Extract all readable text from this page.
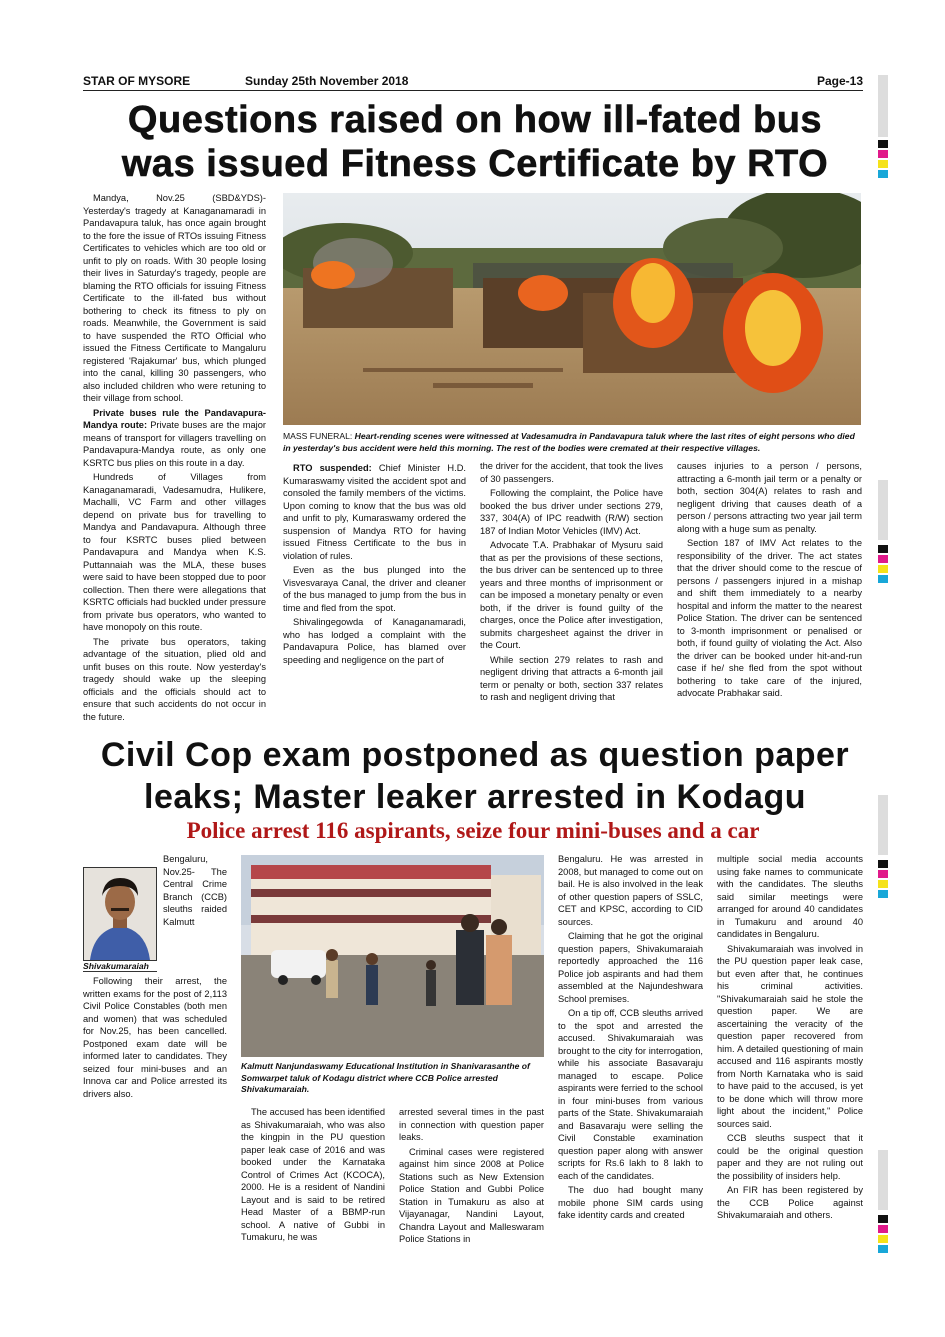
STAR OF MYSORE	Sunday 25th November 2018	Page-13
Questions raised on how ill-fated bus
was issued Fitness Certificate by RTO

Mandya, Nov.25 (SBD&YDS)- Yesterday's tragedy at Kanaganamaradi in Pandavapura taluk, has once again brought to the fore the issue of RTOs issuing Fitness Certificates to vehicles which are too old or unfit to ply on roads. With 30 people losing their lives in Saturday's tragedy, people are blaming the RTO officials for issuing Fitness Certificate to the ill-fated bus without bothering to check its fitness to ply on roads. Meanwhile, the Government is said to have suspended the RTO Official who issued the Fitness Certificate to Mangaluru registered 'Rajakumar' bus, which plunged into the canal, killing 30 passengers, who also included children who were retuning to their village from school.

Private buses rule the Pandavapura-Mandya route: Private buses are the major means of transport for villagers travelling on Pandavapura-Mandya route, as only one KSRTC bus plies on this route in a day.

Hundreds of Villages from Kanaganamaradi, Vadesamudra, Hulikere, Machalli, VC Farm and other villages depend on private bus for travelling to Mandya and Pandavapura. Although three to four KSRTC buses plied between Pandavapura and Mandya when K.S. Puttannaiah was the MLA, these buses were said to have been stopped due to poor collection. Then there were allegations that KSRTC officials had buckled under pressure from private bus operators, who wanted to have monopoly on this route.

The private bus operators, taking advantage of the situation, plied old and unfit buses on this route. Now yesterday's tragedy should wake up the sleeping officials and the officials should act to ensure that such accidents do not occur in the future.

MASS FUNERAL: Heart-rending scenes were witnessed at Vadesamudra in Pandavapura taluk where the last rites of eight persons who died in yesterday's bus accident were held this morning. The rest of the bodies were cremated at their respective villages.

RTO suspended: Chief Minister H.D. Kumaraswamy visited the accident spot and consoled the family members of the victims. Upon coming to know that the bus was old and unfit to ply, Kumaraswamy ordered the suspension of Mandya RTO for having issued Fitness Certificate to the bus in violation of rules.

Even as the bus plunged into the Visvesvaraya Canal, the driver and cleaner of the bus managed to jump from the bus in time and fled from the spot.

Shivalingegowda of Kanaganamaradi, who has lodged a complaint with the Pandavapura Police, has blamed over speeding and negligence on the part of

the driver for the accident, that took the lives of 30 passengers.

Following the complaint, the Police have booked the bus driver under sections 279, 337, 304(A) of IPC readwith (R/W) section 187 of Indian Motor Vehicles (IMV) Act.

Advocate T.A. Prabhakar of Mysuru said that as per the provisions of these sections, the bus driver can be sentenced up to three years and three months of imprisonment or can be imposed a monetary penalty or even both, if the driver is found guilty of the charges, once the Police after investigation, submits chargesheet against the driver in the Court.

While section 279 relates to rash and negligent driving that attracts a 6-month jail term or penalty or both, section 337 relates to rash and negligent driving that

causes injuries to a person / persons, attracting a 6-month jail term or a penalty or both, section 304(A) relates to rash and negligent driving that causes death of a person / persons attracting two year jail term along with a huge sum as penalty.

Section 187 of IMV Act relates to the responsibility of the driver. The act states that the driver should come to the rescue of persons / passengers injured in a mishap and shift them immediately to a nearby hospital and inform the matter to the nearest Police Station. The driver can be sentenced to 3-month imprisonment or penalised or both, if found guilty of violating the Act. Also the driver can be booked under hit-and-run case if he/ she fled from the spot without bothering to take care of the injured, advocate Prabhakar said.

Civil Cop exam postponed as question paper
leaks; Master leaker arrested in Kodagu
Police arrest 116 aspirants, seize four mini-buses and a car
Shivakumaraiah

Bengaluru, Nov.25- The Central Crime Branch (CCB) sleuths raided Kalmutt

Following their arrest, the written exams for the post of 2,113 Civil Police Constables (both men and women) that was scheduled for Nov.25, has been cancelled. Postponed exam date will be informed later to candidates. They seized four mini-buses and an Innova car and Police arrested its drivers also.

Kalmutt Nanjundaswamy Educational Institution in Shanivarasanthe of Somwarpet taluk of Kodagu district where CCB Police arrested Shivakumaraiah.

The accused has been identified as Shivakumaraiah, who was also the kingpin in the PU question paper leak case of 2016 and was booked under the Karnataka Control of Crimes Act (KCOCA), 2000. He is a resident of Nandini Layout and is said to be retired Head Master of a BBMP-run school. A native of Gubbi in Tumakuru, he was

arrested several times in the past in connection with question paper leaks.

Criminal cases were registered against him since 2008 at Police Stations such as New Extension Police Station and Gubbi Police Station in Tumakuru as also at Vijayanagar, Nandini Layout, Chandra Layout and Malleswaram Police Stations in

Bengaluru. He was arrested in 2008, but managed to come out on bail. He is also involved in the leak of other question papers of SSLC, CET and KPSC, according to CID sources.

Claiming that he got the original question papers, Shivakumaraiah reportedly approached the 116 Police job aspirants and had them assembled at the Najundeshwara School premises.

On a tip off, CCB sleuths arrived to the spot and arrested the accused. Shivakumaraiah was brought to the city for interrogation, while his associate Basavaraju managed to escape. Police aspirants were ferried to the school in four mini-buses from various parts of the State. Shivakumaraiah and Basavaraju were selling the Civil Constable examination question paper along with answer scripts for Rs.6 lakh to 8 lakh to each of the candidates.

The duo had bought many mobile phone SIM cards using fake identity cards and created

multiple social media accounts using fake names to communicate with the candidates. The sleuths said similar meetings were arranged for around 40 candidates in Tumakuru and around 40 candidates in Bengaluru.

Shivakumaraiah was involved in the PU question paper leak case, but even after that, he continues his criminal activities. "Shivakumaraiah said he stole the question paper. We are ascertaining the veracity of the question paper recovered from him. A detailed questioning of main accused and 116 aspirants mostly from North Karnataka who is said to have paid to the accused, is yet to be done which will throw more light about the incident," Police sources said.

CCB sleuths suspect that it could be the original question paper and they are not ruling out the possibility of insiders help.

An FIR has been registered by the CCB Police against Shivakumaraiah and others.
